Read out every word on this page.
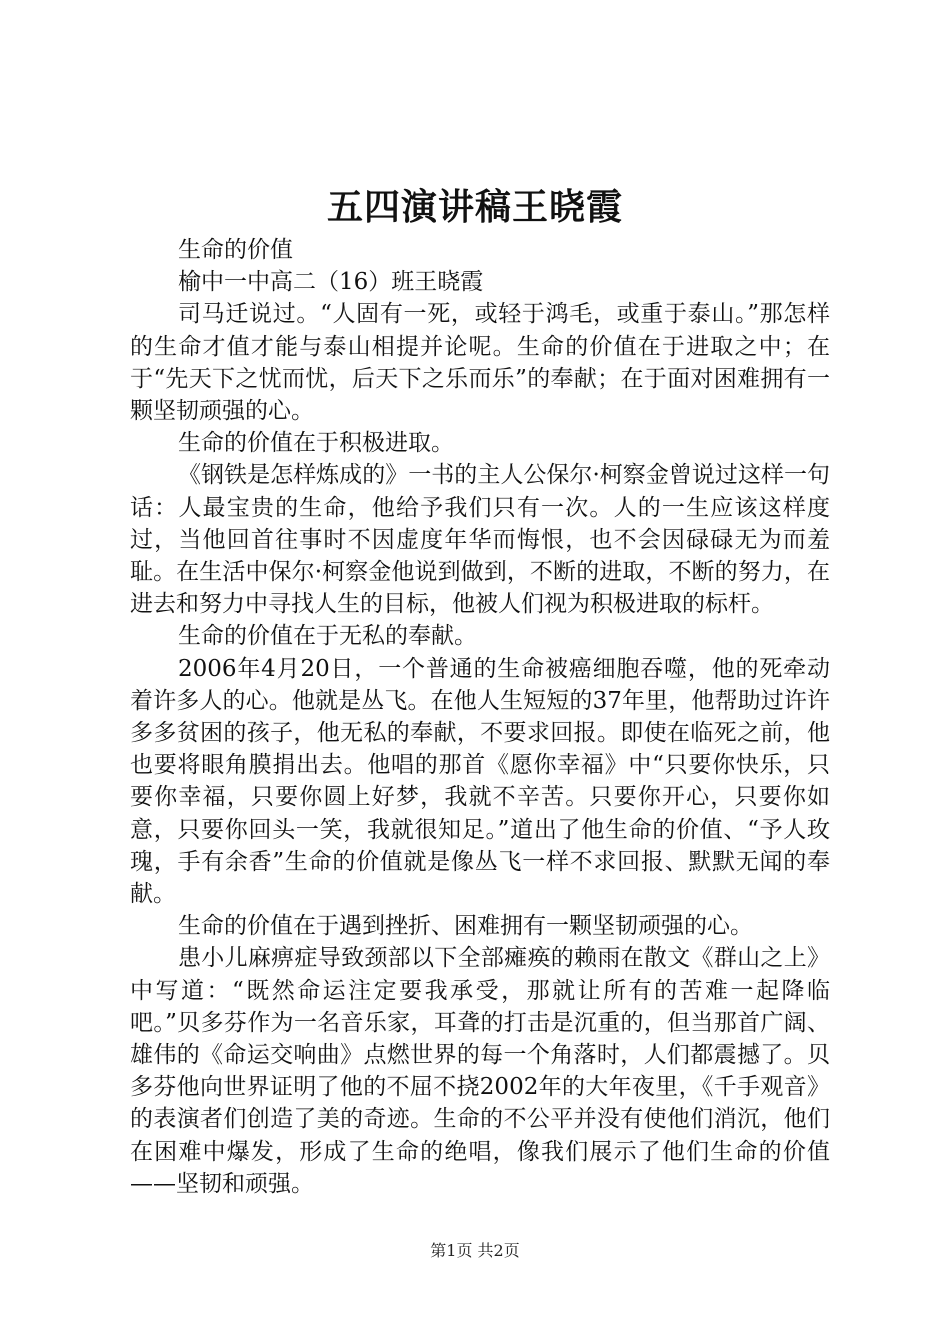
五四演讲稿王晓霞

生命的价值

榆中一中高二（16）班王晓霞

司马迁说过。“人固有一死，或轻于鸿毛，或重于泰山。”那怎样的生命才值才能与泰山相提并论呢。生命的价值在于进取之中；在于“先天下之忧而忧，后天下之乐而乐”的奉献；在于面对困难拥有一颗坚韧顽强的心。

生命的价值在于积极进取。

《钢铁是怎样炼成的》一书的主人公保尔·柯察金曾说过这样一句话：人最宝贵的生命，他给予我们只有一次。人的一生应该这样度过，当他回首往事时不因虚度年华而悔恨，也不会因碌碌无为而羞耻。在生活中保尔·柯察金他说到做到，不断的进取，不断的努力，在进去和努力中寻找人生的目标，他被人们视为积极进取的标杆。

生命的价值在于无私的奉献。

2006年4月20日，一个普通的生命被癌细胞吞噬，他的死牵动着许多人的心。他就是丛飞。在他人生短短的37年里，他帮助过许许多多贫困的孩子，他无私的奉献，不要求回报。即使在临死之前，他也要将眼角膜捐出去。他唱的那首《愿你幸福》中“只要你快乐，只要你幸福，只要你圆上好梦，我就不辛苦。只要你开心，只要你如意，只要你回头一笑，我就很知足。”道出了他生命的价值、“予人玫瑰，手有余香”生命的价值就是像丛飞一样不求回报、默默无闻的奉献。

生命的价值在于遇到挫折、困难拥有一颗坚韧顽强的心。

患小儿麻痹症导致颈部以下全部瘫痪的赖雨在散文《群山之上》中写道：“既然命运注定要我承受，那就让所有的苦难一起降临吧。”贝多芬作为一名音乐家，耳聋的打击是沉重的，但当那首广阔、雄伟的《命运交响曲》点燃世界的每一个角落时，人们都震撼了。贝多芬他向世界证明了他的不屈不挠2002年的大年夜里，《千手观音》的表演者们创造了美的奇迹。生命的不公平并没有使他们消沉，他们在困难中爆发，形成了生命的绝唱，像我们展示了他们生命的价值——坚韧和顽强。

第1页 共2页
